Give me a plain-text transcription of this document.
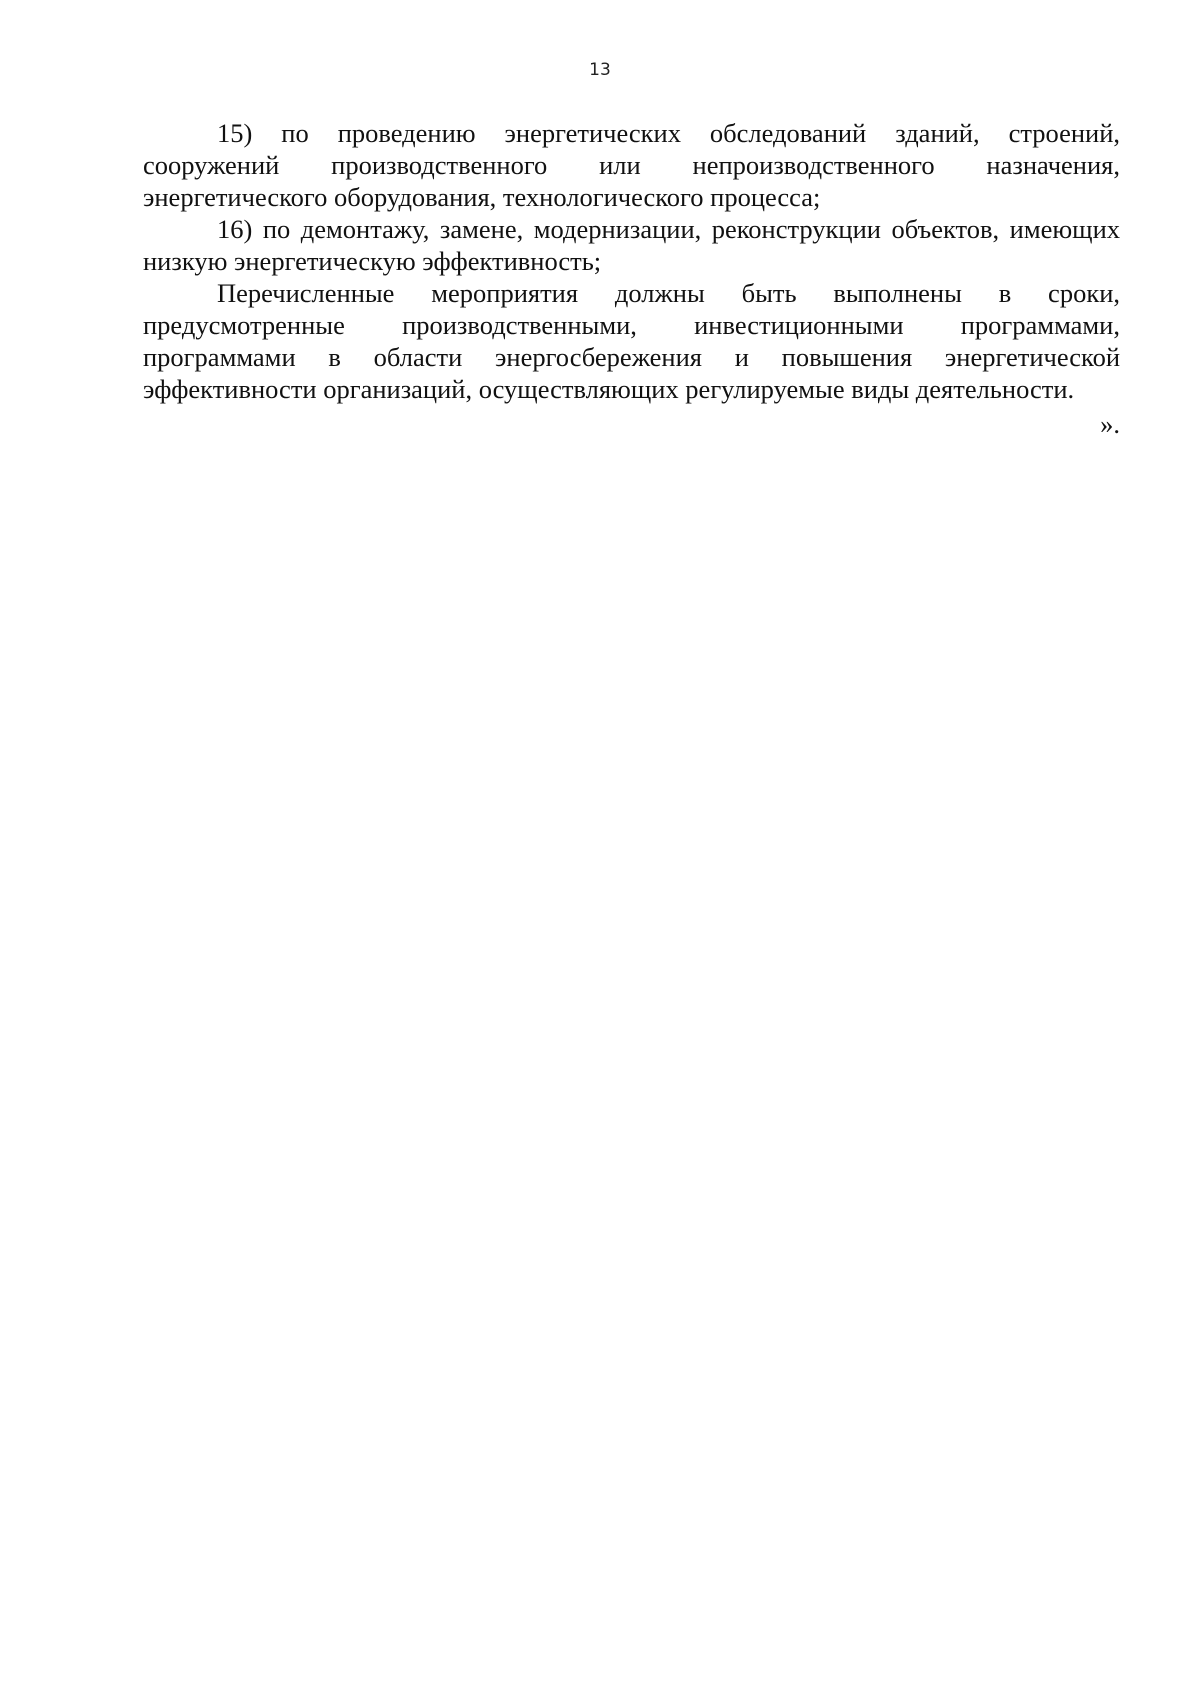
13

15) по проведению энергетических обследований зданий, строений, сооружений производственного или непроизводственного назначения, энергетического оборудования, технологического процесса;

16) по демонтажу, замене, модернизации, реконструкции объектов, имеющих низкую энергетическую эффективность;

Перечисленные мероприятия должны быть выполнены в сроки, предусмотренные производственными, инвестиционными программами, программами в области энергосбережения и повышения энергетической эффективности организаций, осуществляющих регулируемые виды деятельности.

».
